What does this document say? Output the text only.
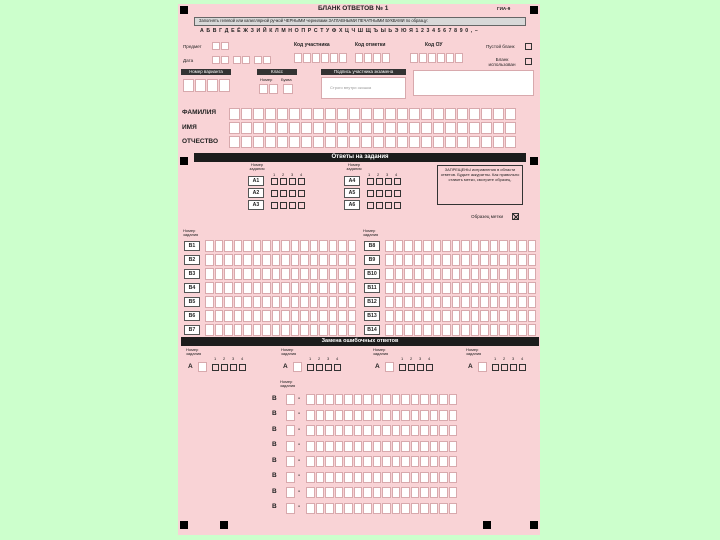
БЛАНК ОТВЕТОВ № 1	ГИА-9
Заполнять гелевой или капиллярной ручкой ЧЕРНЫМИ чернилами ЗАГЛАВНЫМИ ПЕЧАТНЫМИ БУКВАМИ по образцу:
А Б В Г Д Е Ё Ж З И Й К Л М Н О П Р С Т У Ф Х Ц Ч Ш Щ Ъ Ы Ь Э Ю Я 1 2 3 4 5 6 7 8 9 0 , –
Предмет
Дата
Код участника	Код отметки	Код ОУ	Пустой бланк
Бланк использован
Номер варианта	Класс
Номер Буква
Подпись участника экзамена
Строго внутри окошка
ФАМИЛИЯ
ИМЯ
ОТЧЕСТВО
Ответы на задания
Номер задания
Номер задания
1 2 3 4	1 2 3 4
A1
A2
A3
A4
A5
A6
ЗАПРЕЩЕНЫ исправления в области ответов. Будьте аккуратны. Как правильно ставить метки, смотрите образец.
Образец метки
Номер задания
Номер задания
B1
B2
B3
B4
B5
B6
B7
B8
B9
B10
B11
B12
B13
B14
Замена ошибочных ответов
Номер задания
1 2 3 4
A
Номер задания
1 2 3 4
A
Номер задания
1 2 3 4
A
Номер задания
1 2 3 4
A
Номер задания
B	-
B	-
B	-
B	-
B	-
B	-
B	-
B	-
